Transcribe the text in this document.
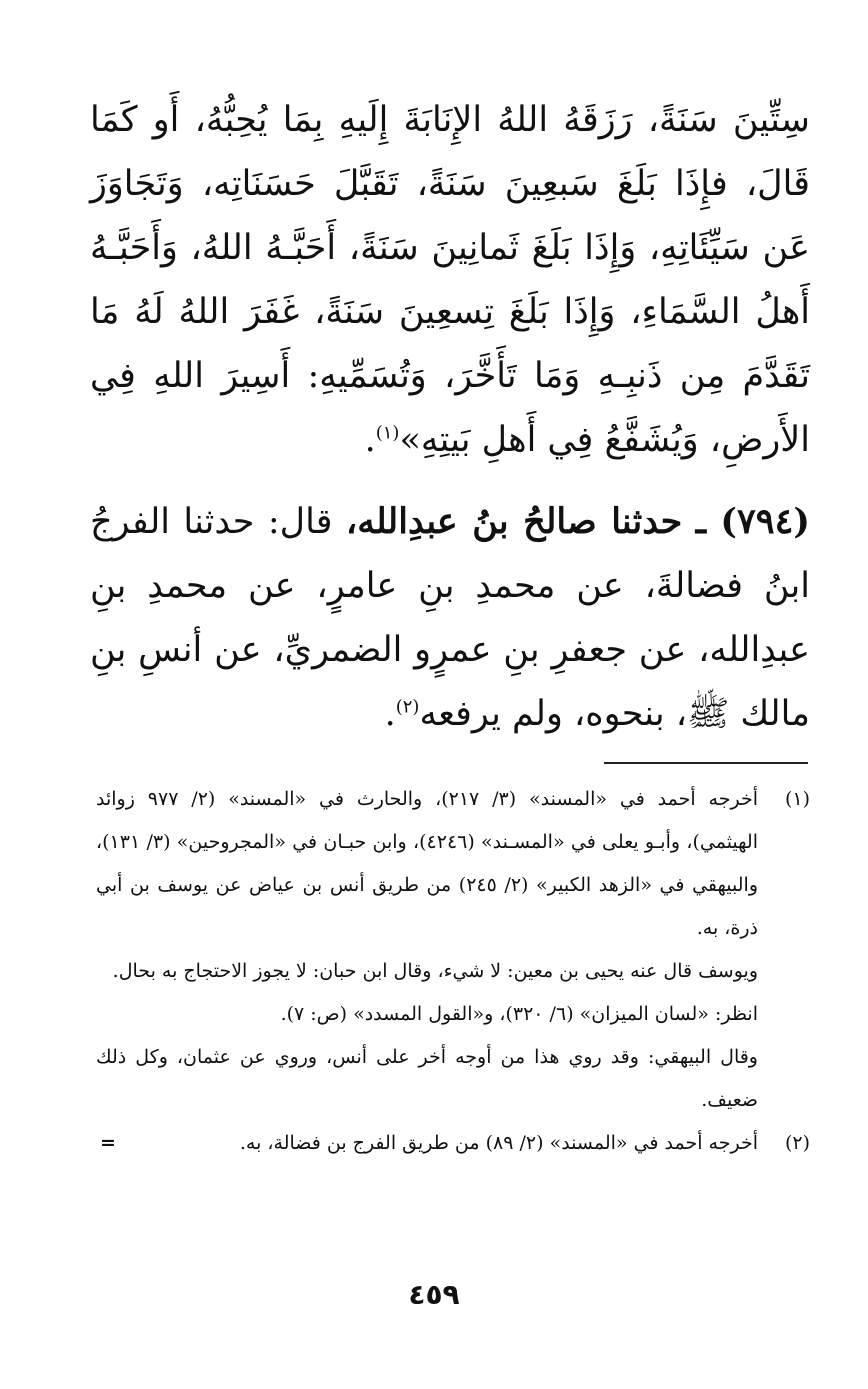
سِتِّينَ سَنَةً، رَزَقَهُ اللهُ الإِنَابَةَ إِلَيهِ بِمَا يُحِبُّهُ، أَو كَمَا قَالَ، فإِذَا بَلَغَ سَبعِينَ سَنَةً، تَقَبَّلَ حَسَنَاتِه، وَتَجَاوَزَ عَن سَيِّئَاتِهِ، وَإِذَا بَلَغَ ثَمانِينَ سَنَةً، أَحَبَّـهُ اللهُ، وَأَحَبَّـهُ أَهلُ السَّمَاءِ، وَإِذَا بَلَغَ تِسعِينَ سَنَةً، غَفَرَ اللهُ لَهُ مَا تَقَدَّمَ مِن ذَنبِـهِ وَمَا تَأَخَّرَ، وَتُسَمِّيهِ: أَسِيرَ اللهِ فِي الأَرضِ، وَيُشَفَّعُ فِي أَهلِ بَيتِهِ»$^{(١)}$.

(٧٩٤) ـ حدثنا صالحُ بنُ عبدِالله، قال: حدثنا الفرجُ ابنُ فضالةَ، عن محمدِ بنِ عامرٍ، عن محمدِ بنِ عبدِالله، عن جعفرِ بنِ عمرٍو الضمريِّ، عن أنسِ بنِ مالك ﷺ، بنحوه، ولم يرفعه$^{(٢)}$.

(١)

أخرجه أحمد في «المسند» (٣/ ٢١٧)، والحارث في «المسند» (٢/ ٩٧٧ زوائد الهيثمي)، وأبـو يعلى في «المسـند» (٤٢٤٦)، وابن حبـان في «المجروحين» (٣/ ١٣١)، والبيهقي في «الزهد الكبير» (٢/ ٢٤٥) من طريق أنس بن عياض عن يوسف بن أبي ذرة، به.

ويوسف قال عنه يحيى بن معين: لا شيء، وقال ابن حبان: لا يجوز الاحتجاج به بحال.

انظر: «لسان الميزان» (٦/ ٣٢٠)، و«القول المسدد» (ص: ٧).

وقال البيهقي: وقد روي هذا من أوجه أخر على أنس، وروي عن عثمان، وكل ذلك ضعيف.

(٢)

أخرجه أحمد في «المسند» (٢/ ٨٩) من طريق الفرج بن فضالة، به.

=
٤٥٩
